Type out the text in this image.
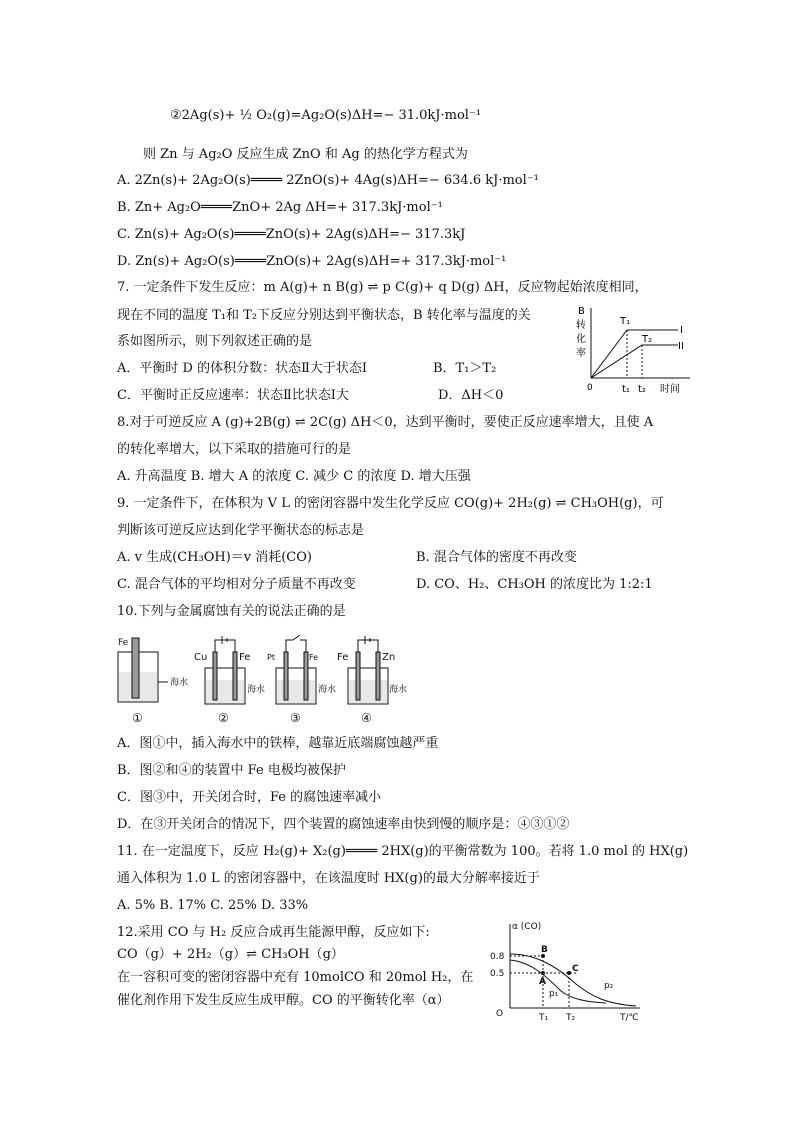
②2Ag(s)+ ½ O₂(g)=Ag₂O(s)ΔH=− 31.0kJ·mol⁻¹
则 Zn 与 Ag₂O 反应生成 ZnO 和 Ag 的热化学方程式为
A. 2Zn(s)+ 2Ag₂O(s)════ 2ZnO(s)+ 4Ag(s)ΔH=− 634.6 kJ·mol⁻¹
B. Zn+ Ag₂O════ZnO+ 2Ag ΔH=+ 317.3kJ·mol⁻¹
C. Zn(s)+ Ag₂O(s)════ZnO(s)+ 2Ag(s)ΔH=− 317.3kJ
D. Zn(s)+ Ag₂O(s)════ZnO(s)+ 2Ag(s)ΔH=+ 317.3kJ·mol⁻¹
7. 一定条件下发生反应：m A(g)+ n B(g) ⇌ p C(g)+ q D(g) ΔH，反应物起始浓度相同，
现在不同的温度 T₁和 T₂下反应分别达到平衡状态，B 转化率与温度的关
系如图所示，则下列叙述正确的是
A．平衡时 D 的体积分数：状态Ⅱ大于状态Ⅰ	B．T₁＞T₂
C．平衡时正反应速率：状态Ⅱ比状态Ⅰ大	D．ΔH＜0
8.对于可逆反应 A (g)+2B(g) ⇌ 2C(g) ΔH＜0，达到平衡时，要使正反应速率增大，且使 A
的转化率增大，以下采取的措施可行的是
A. 升高温度 B. 增大 A 的浓度 C. 减少 C 的浓度 D. 增大压强
9. 一定条件下，在体积为 V L 的密闭容器中发生化学反应 CO(g)+ 2H₂(g) ⇌ CH₃OH(g)，可
判断该可逆反应达到化学平衡状态的标志是
A. v 生成(CH₃OH)＝v 消耗(CO)	B. 混合气体的密度不再改变
C. 混合气体的平均相对分子质量不再改变	D. CO、H₂、CH₃OH 的浓度比为 1:2:1
10.下列与金属腐蚀有关的说法正确的是
A．图①中，插入海水中的铁棒，越靠近底端腐蚀越严重
B．图②和④的装置中 Fe 电极均被保护
C．图③中，开关闭合时，Fe 的腐蚀速率减小
D．在③开关闭合的情况下，四个装置的腐蚀速率由快到慢的顺序是：④③①②
11. 在一定温度下，反应 H₂(g)+ X₂(g)════ 2HX(g)的平衡常数为 100。若将 1.0 mol 的 HX(g)
通入体积为 1.0 L 的密闭容器中，在该温度时 HX(g)的最大分解率接近于
A. 5% B. 17% C. 25% D. 33%
12.采用 CO 与 H₂ 反应合成再生能源甲醇，反应如下:
CO（g）+ 2H₂（g）⇌ CH₃OH（g）
在一容积可变的密闭容器中充有 10molCO 和 20mol H₂，在
催化剂作用下发生反应生成甲醇。CO 的平衡转化率（α）
B
转
化
率
T₁
T₂
I
II
0	t₁ t₂ 时间
Fe
海水
①
Cu	Fe
海水
②
Pt	Fe
海水
③
Fe	Zn
海水
④
α (CO)
0.8
0.5
A
B
C
p₁
p₂
O	T₁ T₂	T/℃
